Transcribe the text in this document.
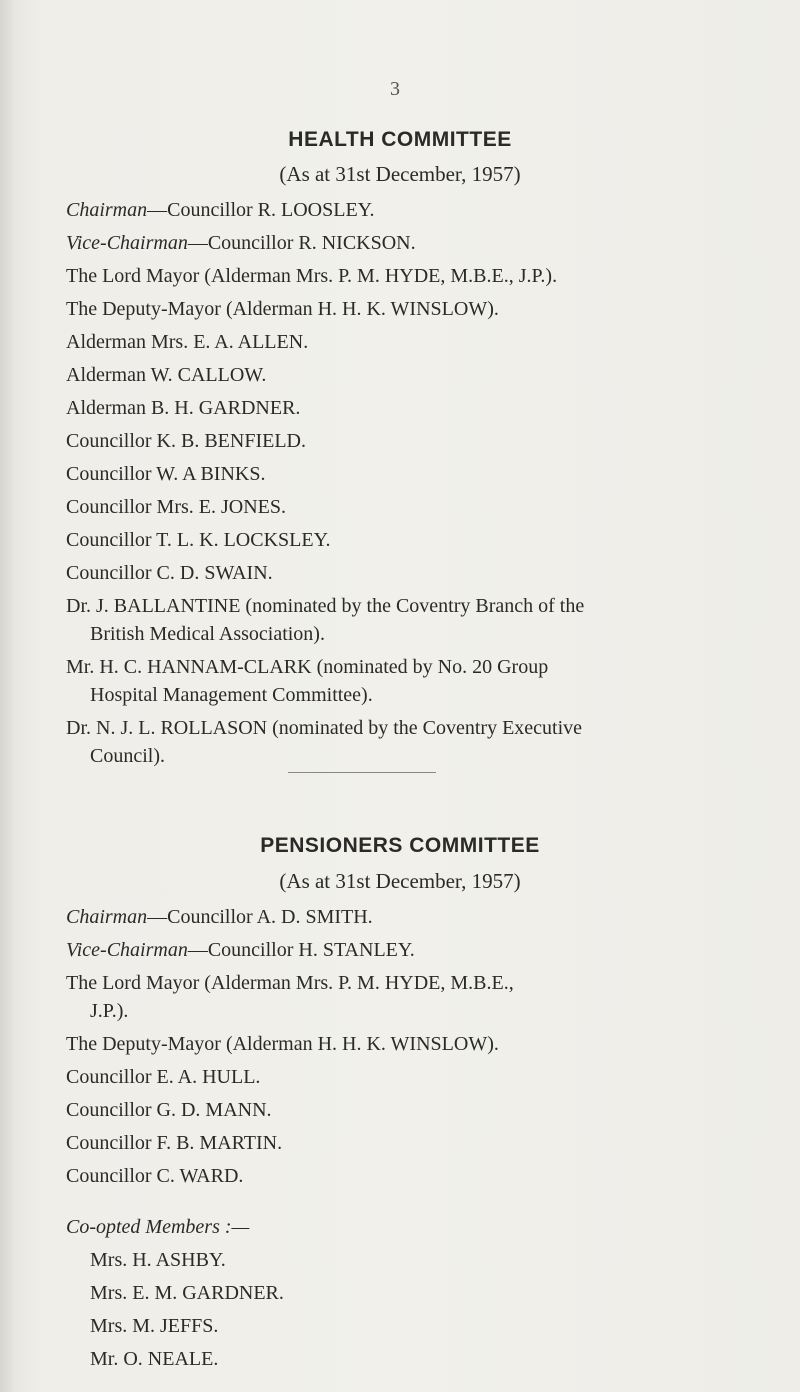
3
HEALTH COMMITTEE
(As at 31st December, 1957)
Chairman—Councillor R. LOOSLEY.
Vice-Chairman—Councillor R. NICKSON.
The Lord Mayor (Alderman Mrs. P. M. HYDE, M.B.E., J.P.).
The Deputy-Mayor (Alderman H. H. K. WINSLOW).
Alderman Mrs. E. A. ALLEN.
Alderman W. CALLOW.
Alderman B. H. GARDNER.
Councillor K. B. BENFIELD.
Councillor W. A BINKS.
Councillor Mrs. E. JONES.
Councillor T. L. K. LOCKSLEY.
Councillor C. D. SWAIN.
Dr. J. BALLANTINE (nominated by the Coventry Branch of the
British Medical Association).
Mr. H. C. HANNAM-CLARK (nominated by No. 20 Group
Hospital Management Committee).
Dr. N. J. L. ROLLASON (nominated by the Coventry Executive
Council).
PENSIONERS COMMITTEE
(As at 31st December, 1957)
Chairman—Councillor A. D. SMITH.
Vice-Chairman—Councillor H. STANLEY.
The Lord Mayor (Alderman Mrs. P. M. HYDE, M.B.E.,
J.P.).
The Deputy-Mayor (Alderman H. H. K. WINSLOW).
Councillor E. A. HULL.
Councillor G. D. MANN.
Councillor F. B. MARTIN.
Councillor C. WARD.
Co-opted Members :—
Mrs. H. ASHBY.
Mrs. E. M. GARDNER.
Mrs. M. JEFFS.
Mr. O. NEALE.
